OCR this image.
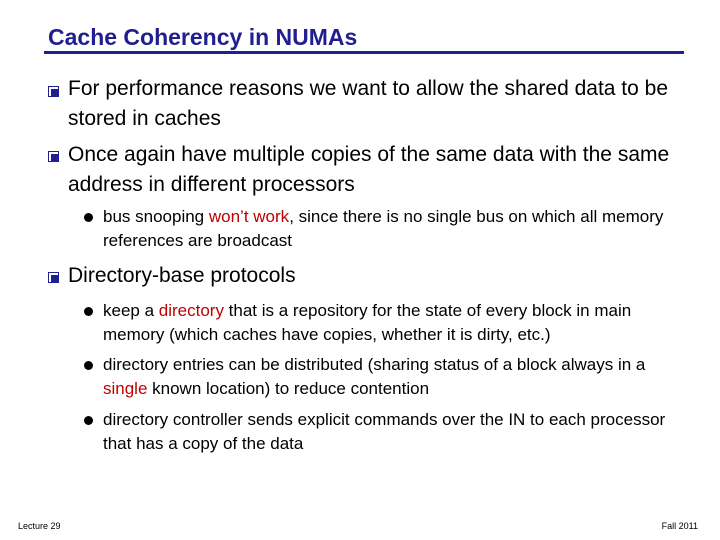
Cache Coherency in NUMAs
For performance reasons we want to allow the shared data to be stored in caches
Once again have multiple copies of the same data with the same address in different processors
bus snooping won’t work, since there is no single bus on which all memory references are broadcast
Directory-base protocols
keep a directory that is a repository for the state of every block in main memory (which caches have copies, whether it is dirty, etc.)
directory entries can be distributed (sharing status of a block always in a single known location) to reduce contention
directory controller sends explicit commands over the IN to each processor that has a copy of the data
Lecture 29	Fall 2011
